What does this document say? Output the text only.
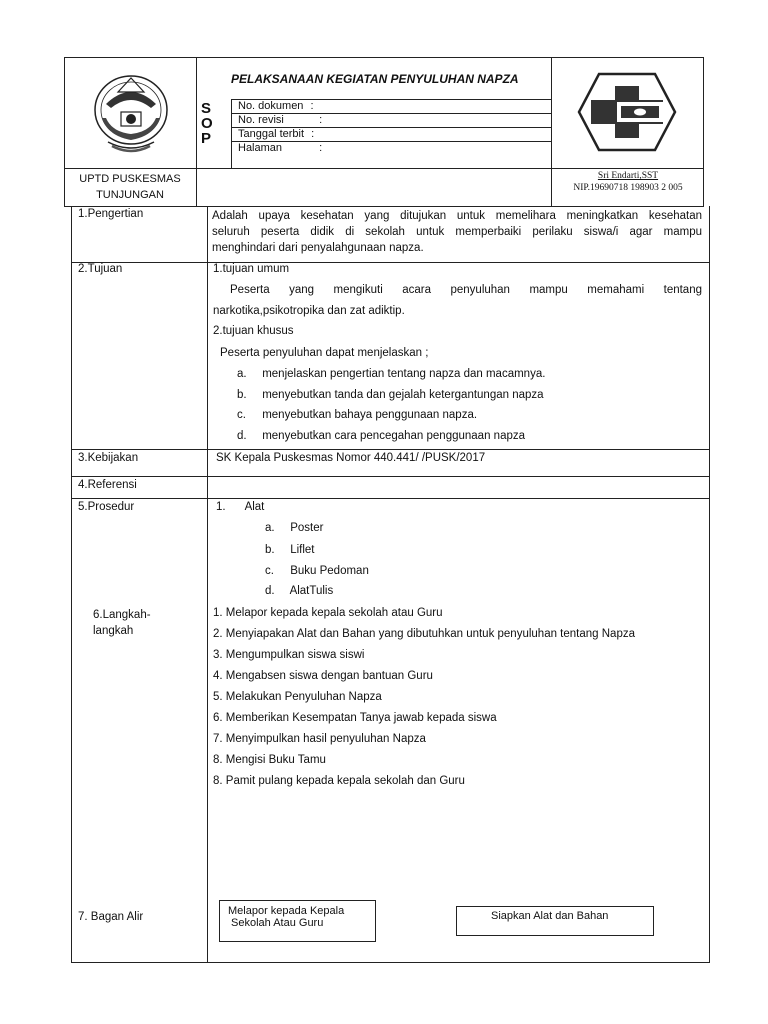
PELAKSANAAN KEGIATAN PENYULUHAN NAPZA
S
O
P
No. dokumen :
No. revisi	:
Tanggal terbit :
Halaman	:
UPTD PUSKESMAS
TUNJUNGAN
Sri Endarti,SST
NIP.19690718 198903 2 005
1.Pengertian	Adalah upaya kesehatan yang ditujukan untuk memelihara meningkatkan kesehatan
seluruh peserta didik di sekolah untuk memperbaiki perilaku siswa/i agar mampu
menghindari dari penyalahgunaan napza.
2.Tujuan	1.tujuan umum
Peserta yang mengikuti acara penyuluhan mampu memahami tentang
narkotika,psikotropika dan zat adiktip.
2.tujuan khusus
Peserta penyuluhan dapat menjelaskan ;
a. menjelaskan pengertian tentang napza dan macamnya.
b. menyebutkan tanda dan gejalah ketergantungan napza
c. menyebutkan bahaya penggunaan napza.
d. menyebutkan cara pencegahan penggunaan napza
3.Kebijakan	SK Kepala Puskesmas Nomor 440.441/ /PUSK/2017
4.Referensi
5.Prosedur	1. Alat
a. Poster
b. Liflet
c. Buku Pedoman
d. AlatTulis
6.Langkah-
langkah
1. Melapor kepada kepala sekolah atau Guru
2. Menyiapakan Alat dan Bahan yang dibutuhkan untuk penyuluhan tentang Napza
3. Mengumpulkan siswa siswi
4. Mengabsen siswa dengan bantuan Guru
5. Melakukan Penyuluhan Napza
6. Memberikan Kesempatan Tanya jawab kepada siswa
7. Menyimpulkan hasil penyuluhan Napza
8. Mengisi Buku Tamu
8. Pamit pulang kepada kepala sekolah dan Guru
7. Bagan Alir	Melapor kepada Kepala
Sekolah Atau Guru
Siapkan Alat dan Bahan
